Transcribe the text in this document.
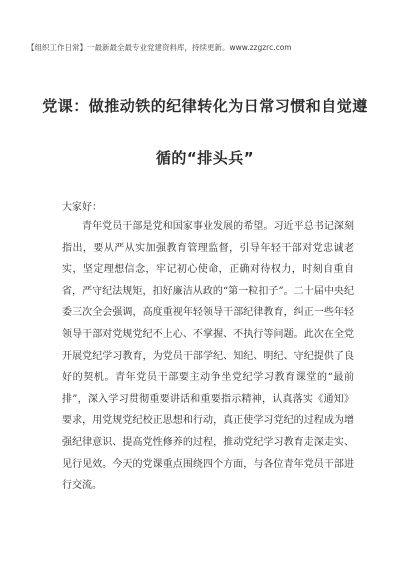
【组织工作日常】一最新最全最专业党建资料库，持续更新。www.zzgzrc.com
党课：做推动铁的纪律转化为日常习惯和自觉遵
循的“排头兵”
大家好：

青年党员干部是党和国家事业发展的希望。习近平总书记深刻指出，要从严从实加强教育管理监督，引导年轻干部对党忠诚老实，坚定理想信念，牢记初心使命，正确对待权力，时刻自重自省，严守纪法规矩，扣好廉洁从政的“第一粒扣子”。二十届中央纪委三次全会强调，高度重视年轻领导干部纪律教育，纠正一些年轻领导干部对党规党纪不上心、不掌握、不执行等问题。此次在全党开展党纪学习教育，为党员干部学纪、知纪、明纪、守纪提供了良好的契机。青年党员干部要主动争坐党纪学习教育课堂的“最前排”，深入学习贯彻重要讲话和重要指示精神，认真落实《通知》要求，用党规党纪校正思想和行动，真正使学习党纪的过程成为增强纪律意识、提高党性修养的过程，推动党纪学习教育走深走实、见行见效。今天的党课重点围绕四个方面，与各位青年党员干部进行交流。
